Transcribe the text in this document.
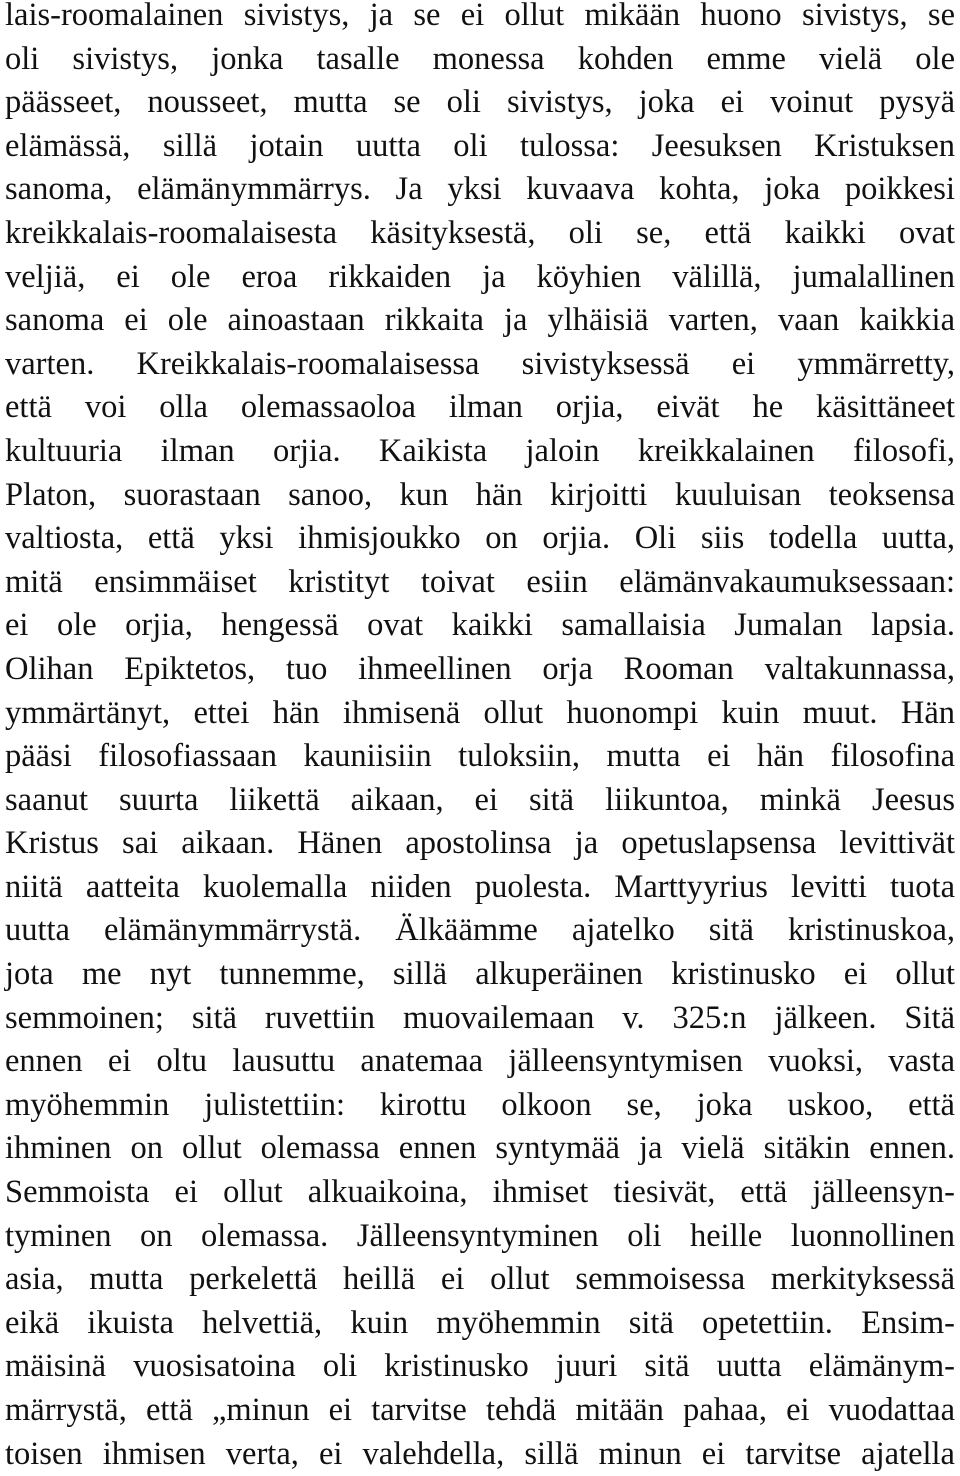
lais-roomalainen sivistys, ja se ei ollut mikään huono sivistys, se
oli sivistys, jonka tasalle monessa kohden emme vielä ole
päässeet, nousseet, mutta se oli sivistys, joka ei voinut pysyä
elämässä, sillä jotain uutta oli tulossa: Jeesuksen Kristuksen
sanoma, elämänymmärrys. Ja yksi kuvaava kohta, joka poikkesi
kreikkalais-roomalaisesta käsityksestä, oli se, että kaikki ovat
veljiä, ei ole eroa rikkaiden ja köyhien välillä, jumalallinen
sanoma ei ole ainoastaan rikkaita ja ylhäisiä varten, vaan kaikkia
varten. Kreikkalais-roomalaisessa sivistyksessä ei ymmärretty,
että voi olla olemassaoloa ilman orjia, eivät he käsittäneet
kultuuria ilman orjia. Kaikista jaloin kreikkalainen filosofi,
Platon, suorastaan sanoo, kun hän kirjoitti kuuluisan teoksensa
valtiosta, että yksi ihmisjoukko on orjia. Oli siis todella uutta,
mitä ensimmäiset kristityt toivat esiin elämänvakaumuksessaan:
ei ole orjia, hengessä ovat kaikki samallaisia Jumalan lapsia.
Olihan Epiktetos, tuo ihmeellinen orja Rooman valtakunnassa,
ymmärtänyt, ettei hän ihmisenä ollut huonompi kuin muut. Hän
pääsi filosofiassaan kauniisiin tuloksiin, mutta ei hän filosofina
saanut suurta liikettä aikaan, ei sitä liikuntoa, minkä Jeesus
Kristus sai aikaan. Hänen apostolinsa ja opetuslapsensa levittivät
niitä aatteita kuolemalla niiden puolesta. Marttyyrius levitti tuota
uutta elämänymmärrystä. Älkäämme ajatelko sitä kristinuskoa,
jota me nyt tunnemme, sillä alkuperäinen kristinusko ei ollut
semmoinen; sitä ruvettiin muovailemaan v. 325:n jälkeen. Sitä
ennen ei oltu lausuttu anatemaa jälleensyntymisen vuoksi, vasta
myöhemmin julistettiin: kirottu olkoon se, joka uskoo, että
ihminen on ollut olemassa ennen syntymää ja vielä sitäkin ennen.
Semmoista ei ollut alkuaikoina, ihmiset tiesivät, että jälleensyn-
tyminen on olemassa. Jälleensyntyminen oli heille luonnollinen
asia, mutta perkelettä heillä ei ollut semmoisessa merkityksessä
eikä ikuista helvettiä, kuin myöhemmin sitä opetettiin. Ensim-
mäisinä vuosisatoina oli kristinusko juuri sitä uutta elämänym-
märrystä, että „minun ei tarvitse tehdä mitään pahaa, ei vuodattaa
toisen ihmisen verta, ei valehdella, sillä minun ei tarvitse ajatella
